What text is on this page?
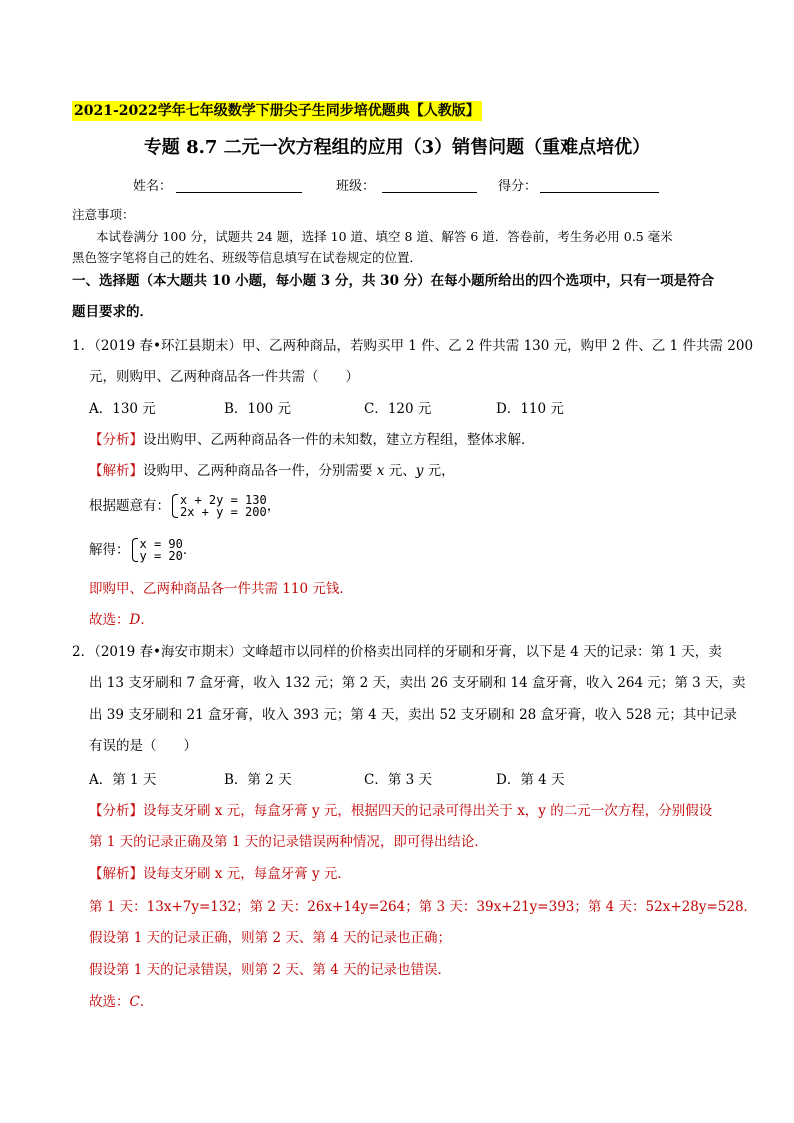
2021-2022学年七年级数学下册尖子生同步培优题典【人教版】
专题 8.7 二元一次方程组的应用（3）销售问题（重难点培优）
姓名：	班级：	得分：
注意事项：
本试卷满分 100 分，试题共 24 题，选择 10 道、填空 8 道、解答 6 道．答卷前，考生务必用 0.5 毫米
黑色签字笔将自己的姓名、班级等信息填写在试卷规定的位置．
一、选择题（本大题共 10 小题，每小题 3 分，共 30 分）在每小题所给出的四个选项中，只有一项是符合
题目要求的．
1．（2019 春•环江县期末）甲、乙两种商品，若购买甲 1 件、乙 2 件共需 130 元，购甲 2 件、乙 1 件共需 200
元，则购甲、乙两种商品各一件共需（　　）
A．130 元	B．100 元	C．120 元	D．110 元
【分析】设出购甲、乙两种商品各一件的未知数，建立方程组，整体求解．
【解析】设购甲、乙两种商品各一件，分别需要 x 元、y 元，
根据题意有： x + 2y = 130
2x + y = 200 ，
解得： x = 90
y = 20 ．
即购甲、乙两种商品各一件共需 110 元钱．
故选：D．
2．（2019 春•海安市期末）文峰超市以同样的价格卖出同样的牙刷和牙膏，以下是 4 天的记录：第 1 天，卖
出 13 支牙刷和 7 盒牙膏，收入 132 元；第 2 天，卖出 26 支牙刷和 14 盒牙膏，收入 264 元；第 3 天，卖
出 39 支牙刷和 21 盒牙膏，收入 393 元；第 4 天，卖出 52 支牙刷和 28 盒牙膏，收入 528 元；其中记录
有误的是（　　）
A．第 1 天	B．第 2 天	C．第 3 天	D．第 4 天
【分析】设每支牙刷 x 元，每盒牙膏 y 元，根据四天的记录可得出关于 x，y 的二元一次方程，分别假设
第 1 天的记录正确及第 1 天的记录错误两种情况，即可得出结论．
【解析】设每支牙刷 x 元，每盒牙膏 y 元．
第 1 天：13x+7y=132；第 2 天：26x+14y=264；第 3 天：39x+21y=393；第 4 天：52x+28y=528．
假设第 1 天的记录正确，则第 2 天、第 4 天的记录也正确；
假设第 1 天的记录错误，则第 2 天、第 4 天的记录也错误．
故选：C．
